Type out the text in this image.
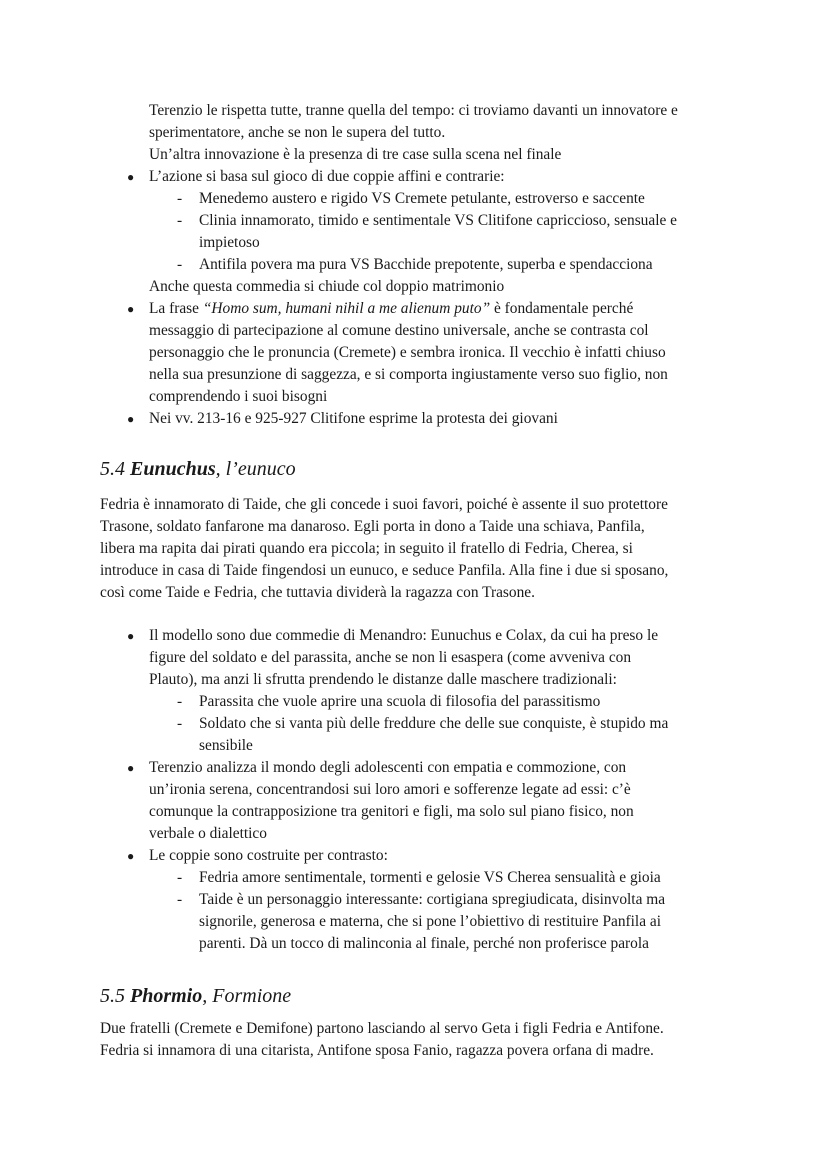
Terenzio le rispetta tutte, tranne quella del tempo: ci troviamo davanti un innovatore e
sperimentatore, anche se non le supera del tutto.
Un’altra innovazione è la presenza di tre case sulla scena nel finale
● L’azione si basa sul gioco di due coppie affini e contrarie:
- Menedemo austero e rigido VS Cremete petulante, estroverso e saccente
- Clinia innamorato, timido e sentimentale VS Clitifone capriccioso, sensuale e
impietoso
- Antifila povera ma pura VS Bacchide prepotente, superba e spendacciona
Anche questa commedia si chiude col doppio matrimonio
● La frase “Homo sum, humani nihil a me alienum puto” è fondamentale perché
messaggio di partecipazione al comune destino universale, anche se contrasta col
personaggio che le pronuncia (Cremete) e sembra ironica. Il vecchio è infatti chiuso
nella sua presunzione di saggezza, e si comporta ingiustamente verso suo figlio, non
comprendendo i suoi bisogni
● Nei vv. 213-16 e 925-927 Clitifone esprime la protesta dei giovani
5.4 Eunuchus, l’eunuco
Fedria è innamorato di Taide, che gli concede i suoi favori, poiché è assente il suo protettore
Trasone, soldato fanfarone ma danaroso. Egli porta in dono a Taide una schiava, Panfila,
libera ma rapita dai pirati quando era piccola; in seguito il fratello di Fedria, Cherea, si
introduce in casa di Taide fingendosi un eunuco, e seduce Panfila. Alla fine i due si sposano,
così come Taide e Fedria, che tuttavia dividerà la ragazza con Trasone.
● Il modello sono due commedie di Menandro: Eunuchus e Colax, da cui ha preso le
figure del soldato e del parassita, anche se non li esaspera (come avveniva con
Plauto), ma anzi li sfrutta prendendo le distanze dalle maschere tradizionali:
- Parassita che vuole aprire una scuola di filosofia del parassitismo
- Soldato che si vanta più delle freddure che delle sue conquiste, è stupido ma
sensibile
● Terenzio analizza il mondo degli adolescenti con empatia e commozione, con
un’ironia serena, concentrandosi sui loro amori e sofferenze legate ad essi: c’è
comunque la contrapposizione tra genitori e figli, ma solo sul piano fisico, non
verbale o dialettico
● Le coppie sono costruite per contrasto:
- Fedria amore sentimentale, tormenti e gelosie VS Cherea sensualità e gioia
- Taide è un personaggio interessante: cortigiana spregiudicata, disinvolta ma
signorile, generosa e materna, che si pone l’obiettivo di restituire Panfila ai
parenti. Dà un tocco di malinconia al finale, perché non proferisce parola
5.5 Phormio, Formione
Due fratelli (Cremete e Demifone) partono lasciando al servo Geta i figli Fedria e Antifone.
Fedria si innamora di una citarista, Antifone sposa Fanio, ragazza povera orfana di madre.
